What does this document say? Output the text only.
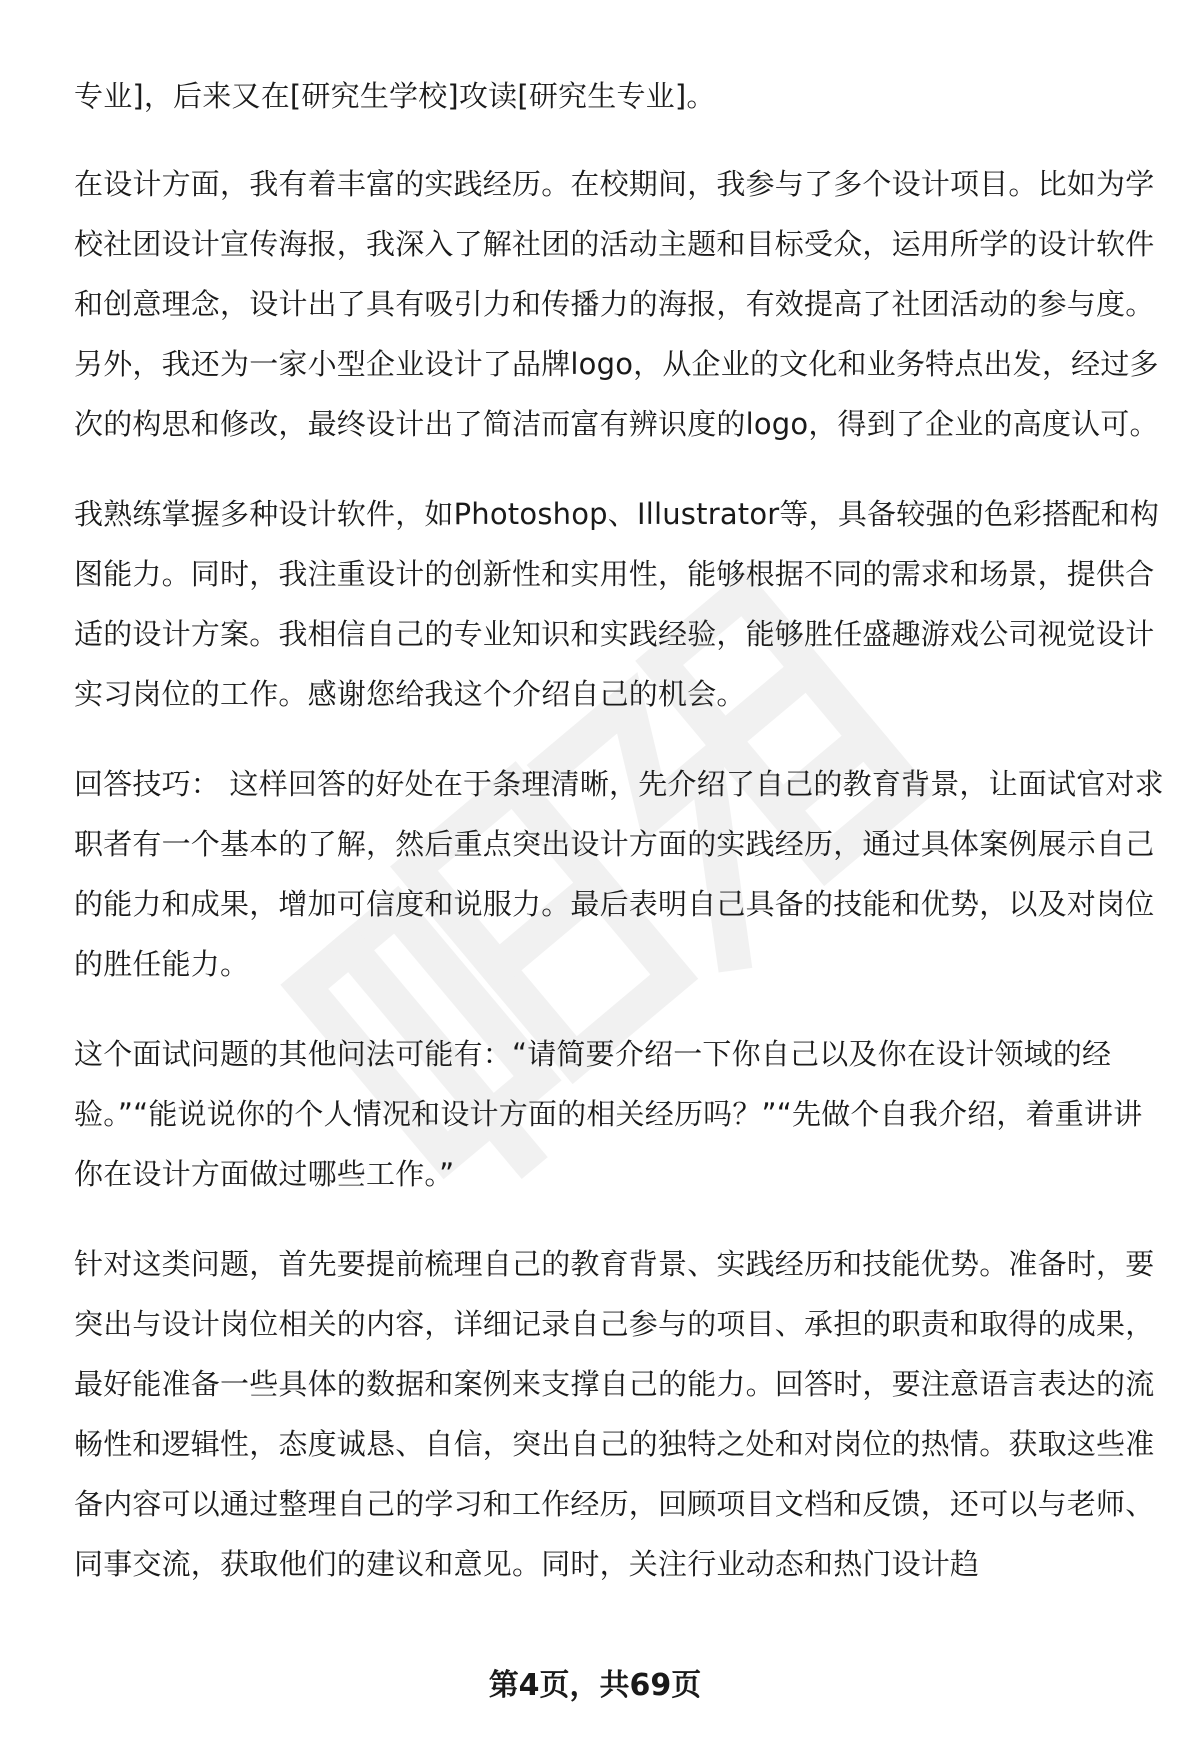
专业]，后来又在[研究生学校]攻读[研究生专业]。

在设计方面，我有着丰富的实践经历。在校期间，我参与了多个设计项目。比如为学校社团设计宣传海报，我深入了解社团的活动主题和目标受众，运用所学的设计软件和创意理念，设计出了具有吸引力和传播力的海报，有效提高了社团活动的参与度。另外，我还为一家小型企业设计了品牌logo，从企业的文化和业务特点出发，经过多次的构思和修改，最终设计出了简洁而富有辨识度的logo，得到了企业的高度认可。

我熟练掌握多种设计软件，如Photoshop、Illustrator等，具备较强的色彩搭配和构图能力。同时，我注重设计的创新性和实用性，能够根据不同的需求和场景，提供合适的设计方案。我相信自己的专业知识和实践经验，能够胜任盛趣游戏公司视觉设计实习岗位的工作。感谢您给我这个介绍自己的机会。

回答技巧： 这样回答的好处在于条理清晰，先介绍了自己的教育背景，让面试官对求职者有一个基本的了解，然后重点突出设计方面的实践经历，通过具体案例展示自己的能力和成果，增加可信度和说服力。最后表明自己具备的技能和优势，以及对岗位的胜任能力。

这个面试问题的其他问法可能有：“请简要介绍一下你自己以及你在设计领域的经验。”“能说说你的个人情况和设计方面的相关经历吗？”“先做个自我介绍，着重讲讲你在设计方面做过哪些工作。”

针对这类问题，首先要提前梳理自己的教育背景、实践经历和技能优势。准备时，要突出与设计岗位相关的内容，详细记录自己参与的项目、承担的职责和取得的成果，最好能准备一些具体的数据和案例来支撑自己的能力。回答时，要注意语言表达的流畅性和逻辑性，态度诚恳、自信，突出自己的独特之处和对岗位的热情。获取这些准备内容可以通过整理自己的学习和工作经历，回顾项目文档和反馈，还可以与老师、同事交流，获取他们的建议和意见。同时，关注行业动态和热门设计趋

第4页，共69页
